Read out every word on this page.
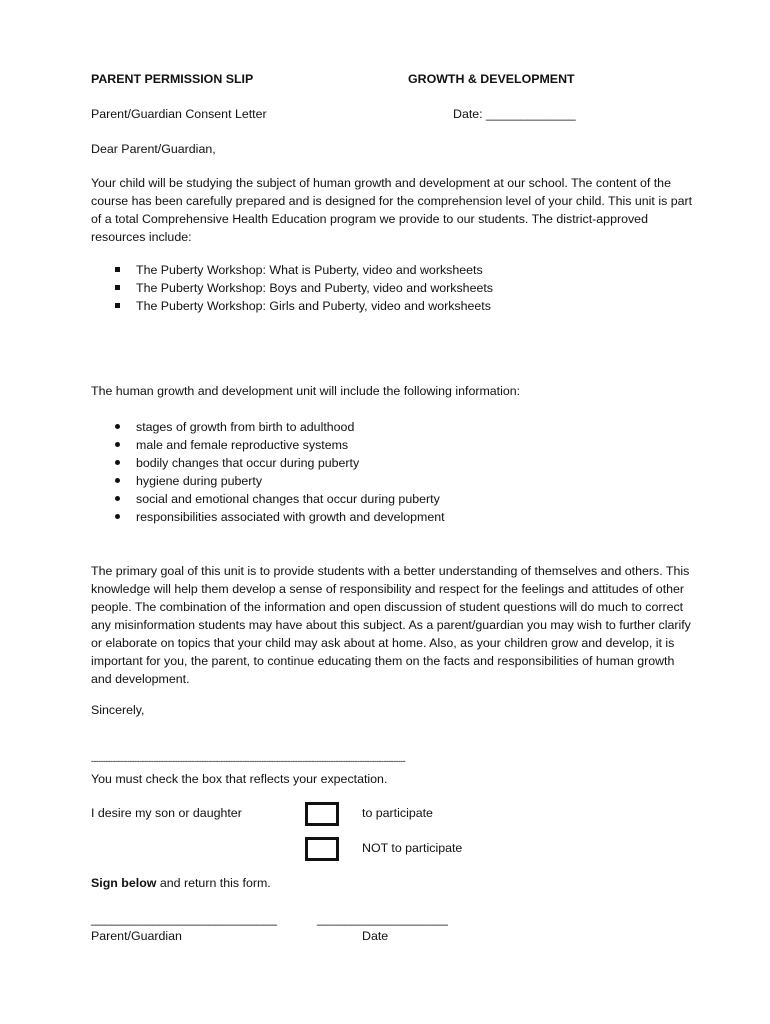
PARENT PERMISSION SLIP	GROWTH & DEVELOPMENT
Parent/Guardian Consent Letter	Date: _____________
Dear Parent/Guardian,
Your child will be studying the subject of human growth and development at our school. The content of the course has been carefully prepared and is designed for the comprehension level of your child. This unit is part of a total Comprehensive Health Education program we provide to our students. The district-approved resources include:
The Puberty Workshop: What is Puberty, video and worksheets
The Puberty Workshop: Boys and Puberty, video and worksheets
The Puberty Workshop: Girls and Puberty, video and worksheets
The human growth and development unit will include the following information:
stages of growth from birth to adulthood
male and female reproductive systems
bodily changes that occur during puberty
hygiene during puberty
social and emotional changes that occur during puberty
responsibilities associated with growth and development
The primary goal of this unit is to provide students with a better understanding of themselves and others. This knowledge will help them develop a sense of responsibility and respect for the feelings and attitudes of other people. The combination of the information and open discussion of student questions will do much to correct any misinformation students may have about this subject. As a parent/guardian you may wish to further clarify or elaborate on topics that your child may ask about at home. Also, as your children grow and develop, it is important for you, the parent, to continue educating them on the facts and responsibilities of human growth and development.
Sincerely,
-----------------------------------------------------------------------------------------------------------------------------------
You must check the box that reflects your expectation.
I desire my son or daughter	to participate
NOT to participate
Sign below and return this form.
___________________________	___________________
Parent/Guardian	Date
